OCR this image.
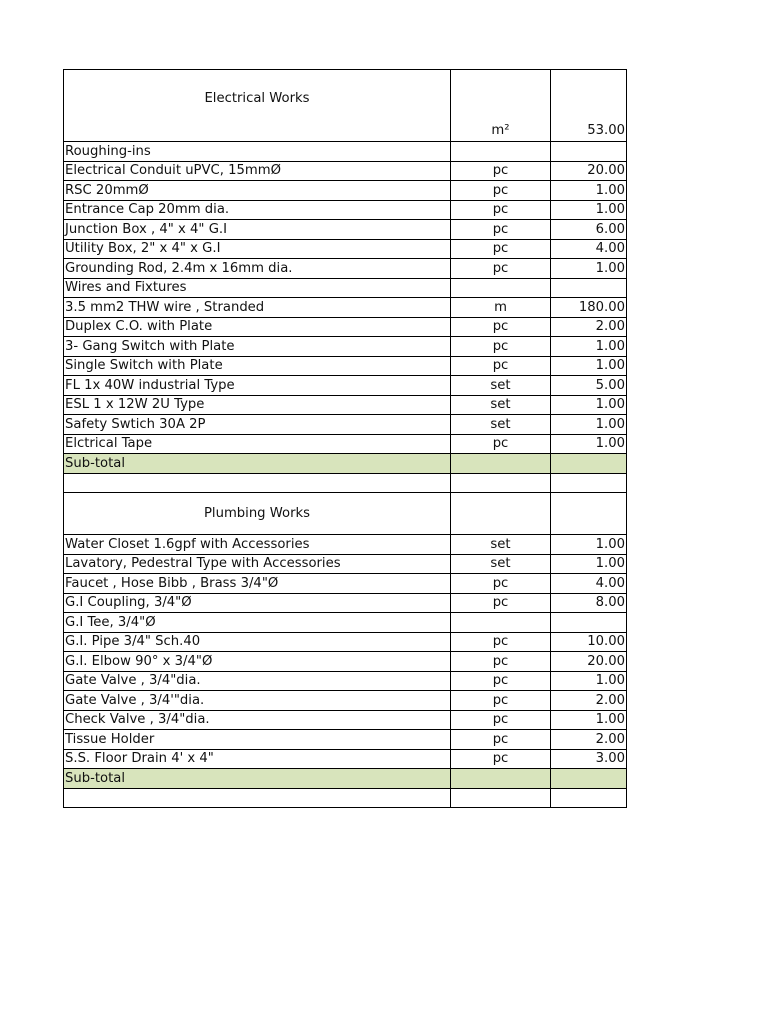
Electrical Works	m²	53.00
Roughing-ins		
Electrical Conduit uPVC, 15mmØ	pc	20.00
RSC 20mmØ	pc	1.00
Entrance Cap 20mm dia.	pc	1.00
Junction Box , 4" x 4" G.I	pc	6.00
Utility Box, 2" x 4" x G.I	pc	4.00
Grounding Rod, 2.4m x 16mm dia.	pc	1.00
Wires and Fixtures		
3.5 mm2 THW wire , Stranded	m	180.00
Duplex C.O. with Plate	pc	2.00
3- Gang Switch with Plate	pc	1.00
Single Switch with Plate	pc	1.00
FL 1x 40W industrial Type	set	5.00
ESL 1 x 12W 2U Type	set	1.00
Safety Swtich 30A 2P	set	1.00
Elctrical Tape	pc	1.00
Sub-total		

Plumbing Works		
Water Closet 1.6gpf with Accessories	set	1.00
Lavatory, Pedestral Type with Accessories	set	1.00
Faucet , Hose Bibb , Brass 3/4"Ø	pc	4.00
G.I Coupling, 3/4"Ø	pc	8.00
G.I Tee, 3/4"Ø		
G.I. Pipe 3/4" Sch.40	pc	10.00
G.I. Elbow 90° x 3/4"Ø	pc	20.00
Gate Valve , 3/4"dia.	pc	1.00
Gate Valve , 3/4'"dia.	pc	2.00
Check Valve , 3/4"dia.	pc	1.00
Tissue Holder	pc	2.00
S.S. Floor Drain 4' x 4"	pc	3.00
Sub-total		
